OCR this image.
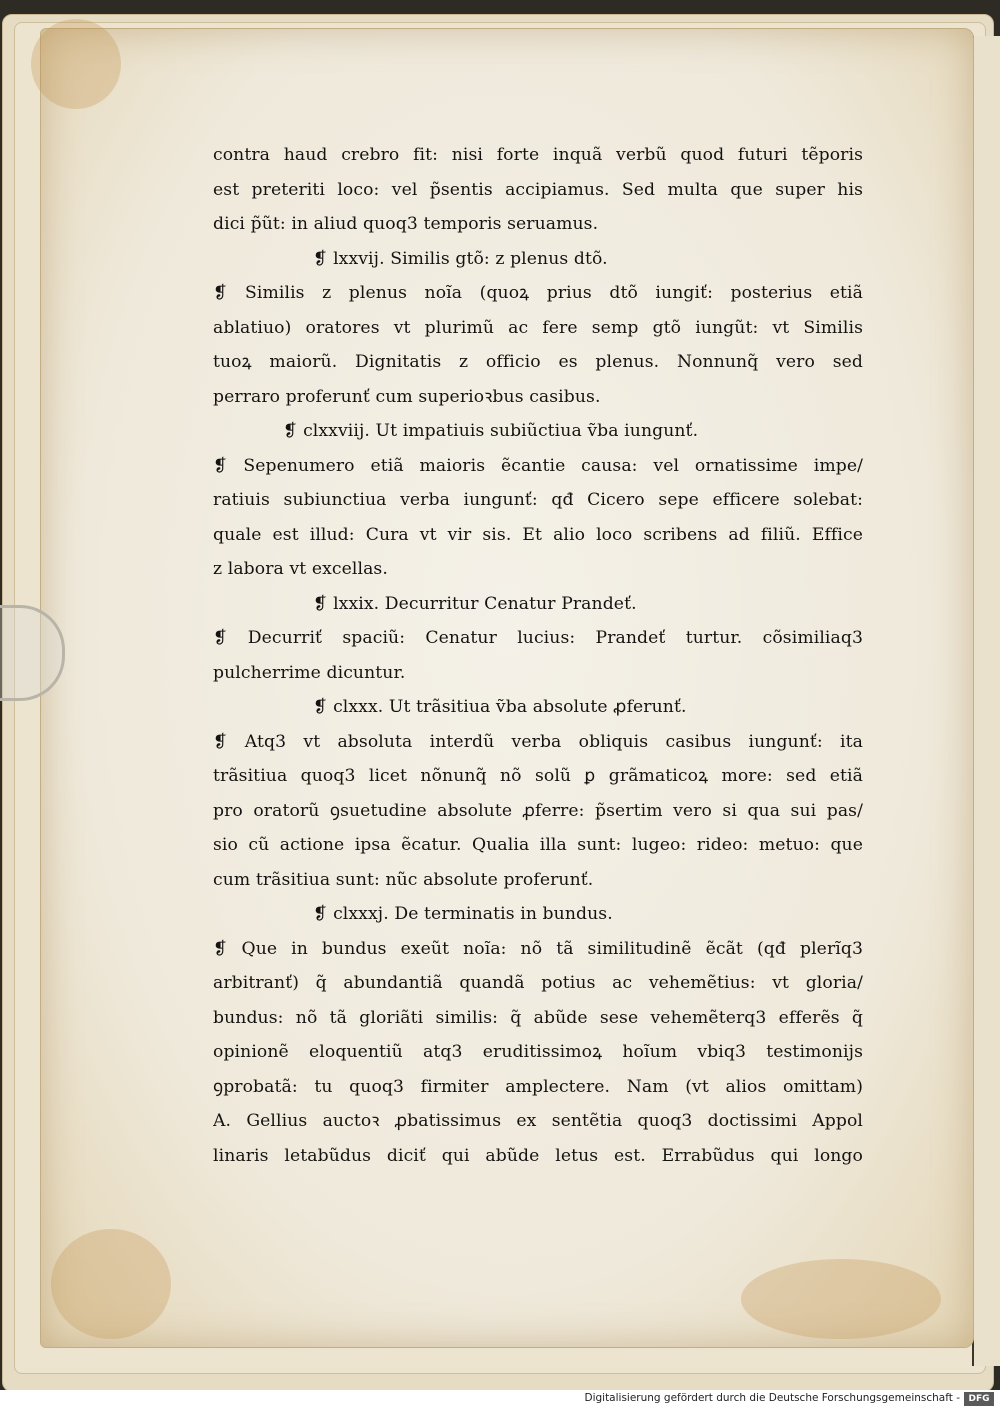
contra haud crebro fit: nisi forte inquã verbũ quod futuri tẽporis
est preteriti loco: vel p̃sentis accipiamus. Sed multa que super his
dici p̃ũt: in aliud quoq3 temporis seruamus.
❡ lxxvij. Similis gtõ: z plenus dtõ.
❡ Similis z plenus noĩa (quoꝝ prius dtõ iungiť: posterius etiã
ablatiuo) oratores vt plurimũ ac fere semp gtõ iungũt: vt Similis
tuoꝝ maiorũ. Dignitatis z officio es plenus. Nonnunq̃ vero sed
perraro proferunť cum superioꝛbus casibus.
❡ clxxviij. Ut impatiuis subiũctiua ṽba iungunť.
❡ Sepenumero etiã maioris ẽcantie causa: vel ornatissime impe/
ratiuis subiunctiua verba iungunť: qđ Cicero sepe efficere solebat:
quale est illud: Cura vt vir sis. Et alio loco scribens ad filiũ. Effice
z labora vt excellas.
❡ lxxix. Decurritur Cenatur Prandeť.
❡ Decurriť spaciũ: Cenatur lucius: Prandeť turtur. cõsimiliaq3
pulcherrime dicuntur.
❡ clxxx. Ut trãsitiua ṽba absolute ꝓferunť.
❡ Atq3 vt absoluta interdũ verba obliquis casibus iungunť: ita
trãsitiua quoq3 licet nõnunq̃ nõ solũ ꝑ grãmaticoꝝ more: sed etiã
pro oratorũ ꝯsuetudine absolute ꝓferre: p̃sertim vero si qua sui pas/
sio cũ actione ipsa ẽcatur. Qualia illa sunt: lugeo: rideo: metuo: que
cum trãsitiua sunt: nũc absolute proferunť.
❡ clxxxj. De terminatis in bundus.
❡ Que in bundus exeũt noĩa: nõ tã similitudinẽ ẽcãt (qđ plerĩq3
arbitranť) q̃ abundantiã quandã potius ac vehemẽtius: vt gloria/
bundus: nõ tã gloriãti similis: q̃ abũde sese vehemẽterq3 efferẽs q̃
opinionẽ eloquentiũ atq3 eruditissimoꝝ hoĩum vbiq3 testimonijs
ꝯprobatã: tu quoq3 firmiter amplectere. Nam (vt alios omittam)
A. Gellius auctoꝛ ꝓbatissimus ex sentẽtia quoq3 doctissimi Appol
linaris letabũdus diciť qui abũde letus est. Errabũdus qui longo
Digitalisierung gefördert durch die Deutsche Forschungsgemeinschaft - DFG
